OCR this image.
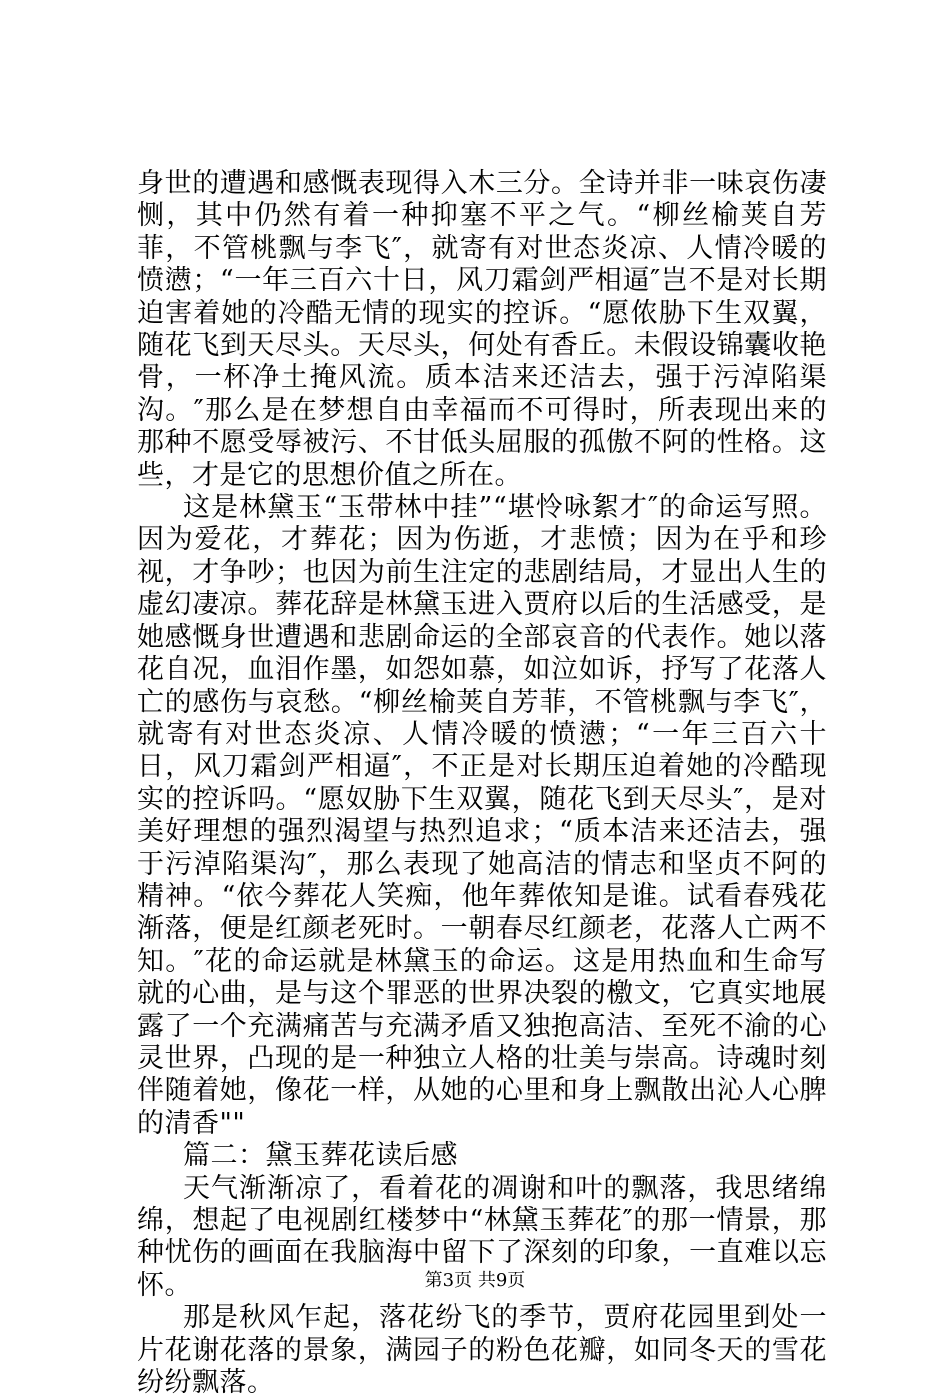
身世的遭遇和感慨表现得入木三分。全诗并非一味哀伤凄恻，其中仍然有着一种抑塞不平之气。“柳丝榆荚自芳菲，不管桃飘与李飞″，就寄有对世态炎凉、人情冷暖的愤懑；“一年三百六十日，风刀霜剑严相逼″岂不是对长期迫害着她的冷酷无情的现实的控诉。“愿侬胁下生双翼，随花飞到天尽头。天尽头，何处有香丘。未假设锦囊收艳骨，一杯净土掩风流。质本洁来还洁去，强于污淖陷渠沟。″那么是在梦想自由幸福而不可得时，所表现出来的那种不愿受辱被污、不甘低头屈服的孤傲不阿的性格。这些，才是它的思想价值之所在。

这是林黛玉“玉带林中挂”“堪怜咏絮才″的命运写照。因为爱花，才葬花；因为伤逝，才悲愤；因为在乎和珍视，才争吵；也因为前生注定的悲剧结局，才显出人生的虚幻凄凉。葬花辞是林黛玉进入贾府以后的生活感受，是她感慨身世遭遇和悲剧命运的全部哀音的代表作。她以落花自况，血泪作墨，如怨如慕，如泣如诉，抒写了花落人亡的感伤与哀愁。“柳丝榆荚自芳菲，不管桃飘与李飞″，就寄有对世态炎凉、人情冷暖的愤懑；“一年三百六十日，风刀霜剑严相逼″，不正是对长期压迫着她的冷酷现实的控诉吗。“愿奴胁下生双翼，随花飞到天尽头″，是对美好理想的强烈渴望与热烈追求；“质本洁来还洁去，强于污淖陷渠沟″，那么表现了她高洁的情志和坚贞不阿的精神。“依今葬花人笑痴，他年葬侬知是谁。试看春残花渐落，便是红颜老死时。一朝春尽红颜老，花落人亡两不知。″花的命运就是林黛玉的命运。这是用热血和生命写就的心曲，是与这个罪恶的世界决裂的檄文，它真实地展露了一个充满痛苦与充满矛盾又独抱高洁、至死不渝的心灵世界，凸现的是一种独立人格的壮美与崇高。诗魂时刻伴随着她，像花一样，从她的心里和身上飘散出沁人心脾的清香""

篇二：黛玉葬花读后感

天气渐渐凉了，看着花的凋谢和叶的飘落，我思绪绵绵，想起了电视剧红楼梦中“林黛玉葬花″的那一情景，那种忧伤的画面在我脑海中留下了深刻的印象，一直难以忘怀。

那是秋风乍起，落花纷飞的季节，贾府花园里到处一片花谢花落的景象，满园子的粉色花瓣，如同冬天的雪花纷纷飘落。

第3页 共9页
